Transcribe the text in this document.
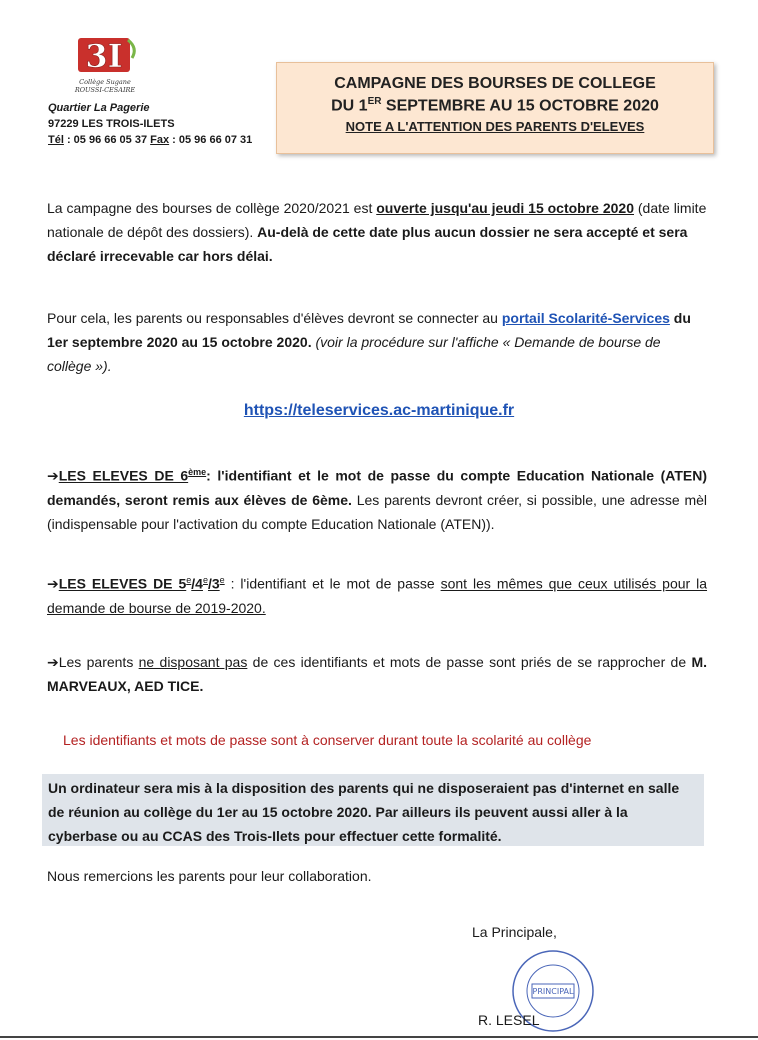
3I
Collège Sugane
ROUSSI-CESAIRE
Quartier La Pagerie
97229 LES TROIS-ILETS
Tél : 05 96 66 05 37 Fax : 05 96 66 07 31
CAMPAGNE DES BOURSES DE COLLEGE
DU 1ER SEPTEMBRE AU 15 OCTOBRE 2020
NOTE A L'ATTENTION DES PARENTS D'ELEVES
La campagne des bourses de collège 2020/2021 est ouverte jusqu'au jeudi 15 octobre 2020 (date limite nationale de dépôt des dossiers). Au-delà de cette date plus aucun dossier ne sera accepté et sera déclaré irrecevable car hors délai.
Pour cela, les parents ou responsables d'élèves devront se connecter au portail Scolarité-Services du 1er septembre 2020 au 15 octobre 2020. (voir la procédure sur l'affiche « Demande de bourse de collège »).
https://teleservices.ac-martinique.fr
➔LES ELEVES DE 6ème: l'identifiant et le mot de passe du compte Education Nationale (ATEN) demandés, seront remis aux élèves de 6ème. Les parents devront créer, si possible, une adresse mèl (indispensable pour l'activation du compte Education Nationale (ATEN)).
➔LES ELEVES DE 5e/4e/3e : l'identifiant et le mot de passe sont les mêmes que ceux utilisés pour la demande de bourse de 2019-2020.
➔Les parents ne disposant pas de ces identifiants et mots de passe sont priés de se rapprocher de M. MARVEAUX, AED TICE.
Les identifiants et mots de passe sont à conserver durant toute la scolarité au collège
Un ordinateur sera mis à la disposition des parents qui ne disposeraient pas d'internet en salle de réunion au collège du 1er au 15 octobre 2020. Par ailleurs ils peuvent aussi aller à la cyberbase ou au CCAS des Trois-Ilets pour effectuer cette formalité.
Nous remercions les parents pour leur collaboration.
La Principale,
PRINCIPAL
R. LESEL
